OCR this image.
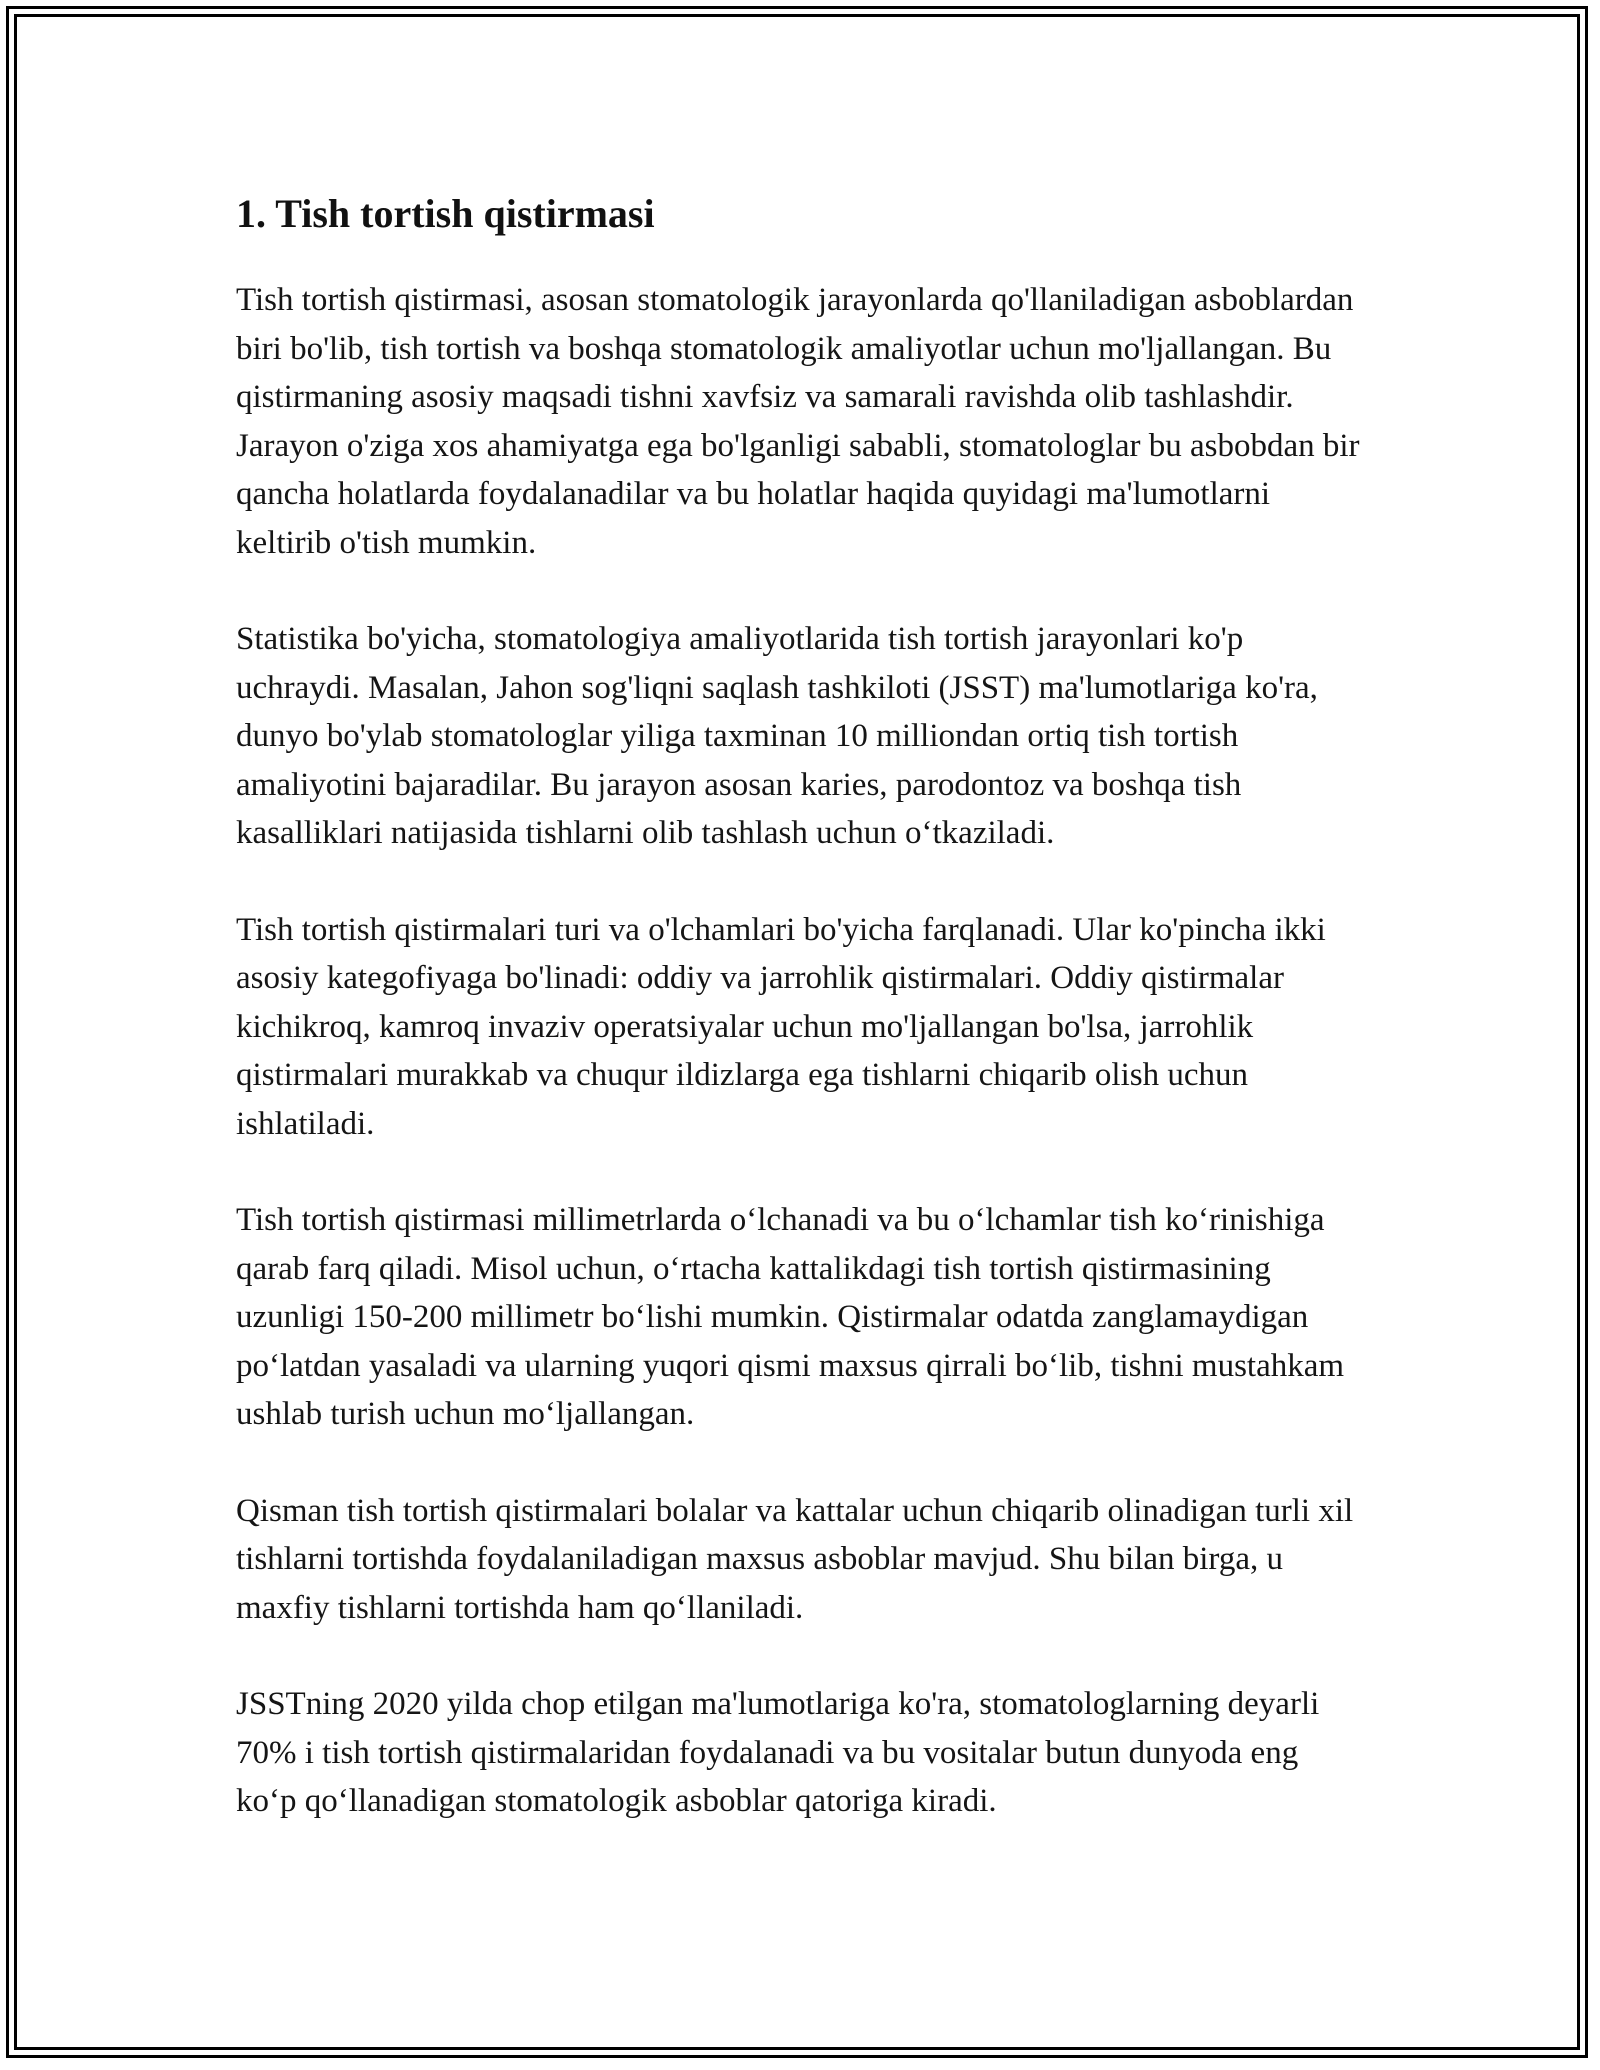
1. Tish tortish qistirmasi

Tish tortish qistirmasi, asosan stomatologik jarayonlarda qo'llaniladigan asboblardan biri bo'lib, tish tortish va boshqa stomatologik amaliyotlar uchun mo'ljallangan. Bu qistirmaning asosiy maqsadi tishni xavfsiz va samarali ravishda olib tashlashdir. Jarayon o'ziga xos ahamiyatga ega bo'lganligi sababli, stomatologlar bu asbobdan bir qancha holatlarda foydalanadilar va bu holatlar haqida quyidagi ma'lumotlarni keltirib o'tish mumkin.

Statistika bo'yicha, stomatologiya amaliyotlarida tish tortish jarayonlari ko'p uchraydi. Masalan, Jahon sog'liqni saqlash tashkiloti (JSST) ma'lumotlariga ko'ra, dunyo bo'ylab stomatologlar yiliga taxminan 10 milliondan ortiq tish tortish amaliyotini bajaradilar. Bu jarayon asosan karies, parodontoz va boshqa tish kasalliklari natijasida tishlarni olib tashlash uchun o‘tkaziladi.

Tish tortish qistirmalari turi va o'lchamlari bo'yicha farqlanadi. Ular ko'pincha ikki asosiy kategofiyaga bo'linadi: oddiy va jarrohlik qistirmalari. Oddiy qistirmalar kichikroq, kamroq invaziv operatsiyalar uchun mo'ljallangan bo'lsa, jarrohlik qistirmalari murakkab va chuqur ildizlarga ega tishlarni chiqarib olish uchun ishlatiladi.

Tish tortish qistirmasi millimetrlarda o‘lchanadi va bu o‘lchamlar tish ko‘rinishiga qarab farq qiladi. Misol uchun, o‘rtacha kattalikdagi tish tortish qistirmasining uzunligi 150-200 millimetr bo‘lishi mumkin. Qistirmalar odatda zanglamaydigan po‘latdan yasaladi va ularning yuqori qismi maxsus qirrali bo‘lib, tishni mustahkam ushlab turish uchun mo‘ljallangan.

Qisman tish tortish qistirmalari bolalar va kattalar uchun chiqarib olinadigan turli xil tishlarni tortishda foydalaniladigan maxsus asboblar mavjud. Shu bilan birga, u maxfiy tishlarni tortishda ham qo‘llaniladi.

JSSTning 2020 yilda chop etilgan ma'lumotlariga ko'ra, stomatologlarning deyarli 70% i tish tortish qistirmalaridan foydalanadi va bu vositalar butun dunyoda eng ko‘p qo‘llanadigan stomatologik asboblar qatoriga kiradi.
